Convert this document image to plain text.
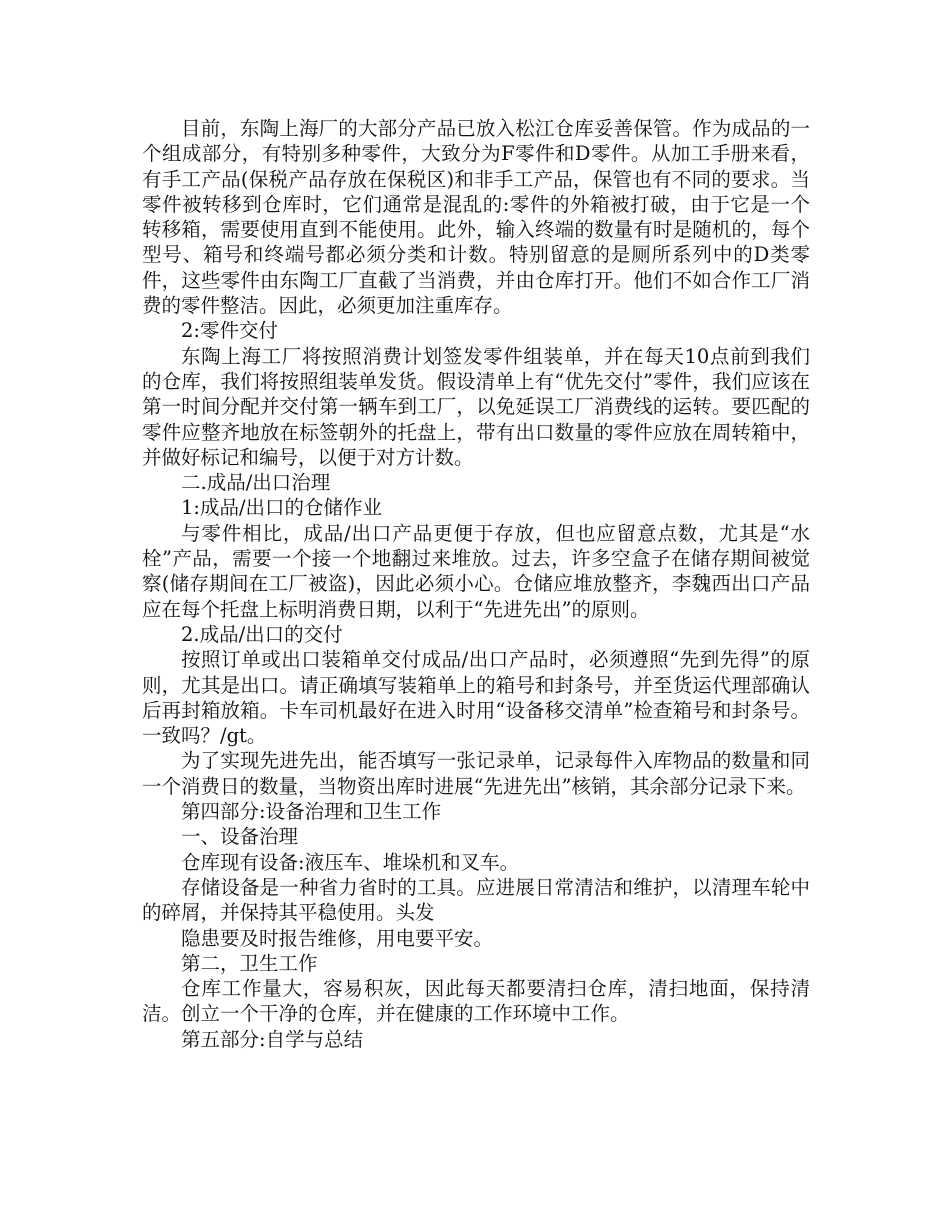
目前，东陶上海厂的大部分产品已放入松江仓库妥善保管。作为成品的一个组成部分，有特别多种零件，大致分为F零件和D零件。从加工手册来看，有手工产品(保税产品存放在保税区)和非手工产品，保管也有不同的要求。当零件被转移到仓库时，它们通常是混乱的:零件的外箱被打破，由于它是一个转移箱，需要使用直到不能使用。此外，输入终端的数量有时是随机的，每个型号、箱号和终端号都必须分类和计数。特别留意的是厕所系列中的D类零件，这些零件由东陶工厂直截了当消费，并由仓库打开。他们不如合作工厂消费的零件整洁。因此，必须更加注重库存。

2:零件交付

东陶上海工厂将按照消费计划签发零件组装单，并在每天10点前到我们的仓库，我们将按照组装单发货。假设清单上有“优先交付”零件，我们应该在第一时间分配并交付第一辆车到工厂，以免延误工厂消费线的运转。要匹配的零件应整齐地放在标签朝外的托盘上，带有出口数量的零件应放在周转箱中，并做好标记和编号，以便于对方计数。

二.成品/出口治理

1:成品/出口的仓储作业

与零件相比，成品/出口产品更便于存放，但也应留意点数，尤其是“水栓”产品，需要一个接一个地翻过来堆放。过去，许多空盒子在储存期间被觉察(储存期间在工厂被盗)，因此必须小心。仓储应堆放整齐，李魏西出口产品应在每个托盘上标明消费日期，以利于“先进先出”的原则。

2.成品/出口的交付

按照订单或出口装箱单交付成品/出口产品时，必须遵照“先到先得”的原则，尤其是出口。请正确填写装箱单上的箱号和封条号，并至货运代理部确认后再封箱放箱。卡车司机最好在进入时用“设备移交清单”检查箱号和封条号。一致吗？/gt。

为了实现先进先出，能否填写一张记录单，记录每件入库物品的数量和同一个消费日的数量，当物资出库时进展“先进先出”核销，其余部分记录下来。

第四部分:设备治理和卫生工作

一、设备治理

仓库现有设备:液压车、堆垛机和叉车。

存储设备是一种省力省时的工具。应进展日常清洁和维护，以清理车轮中的碎屑，并保持其平稳使用。头发

隐患要及时报告维修，用电要平安。

第二，卫生工作

仓库工作量大，容易积灰，因此每天都要清扫仓库，清扫地面，保持清洁。创立一个干净的仓库，并在健康的工作环境中工作。

第五部分:自学与总结
